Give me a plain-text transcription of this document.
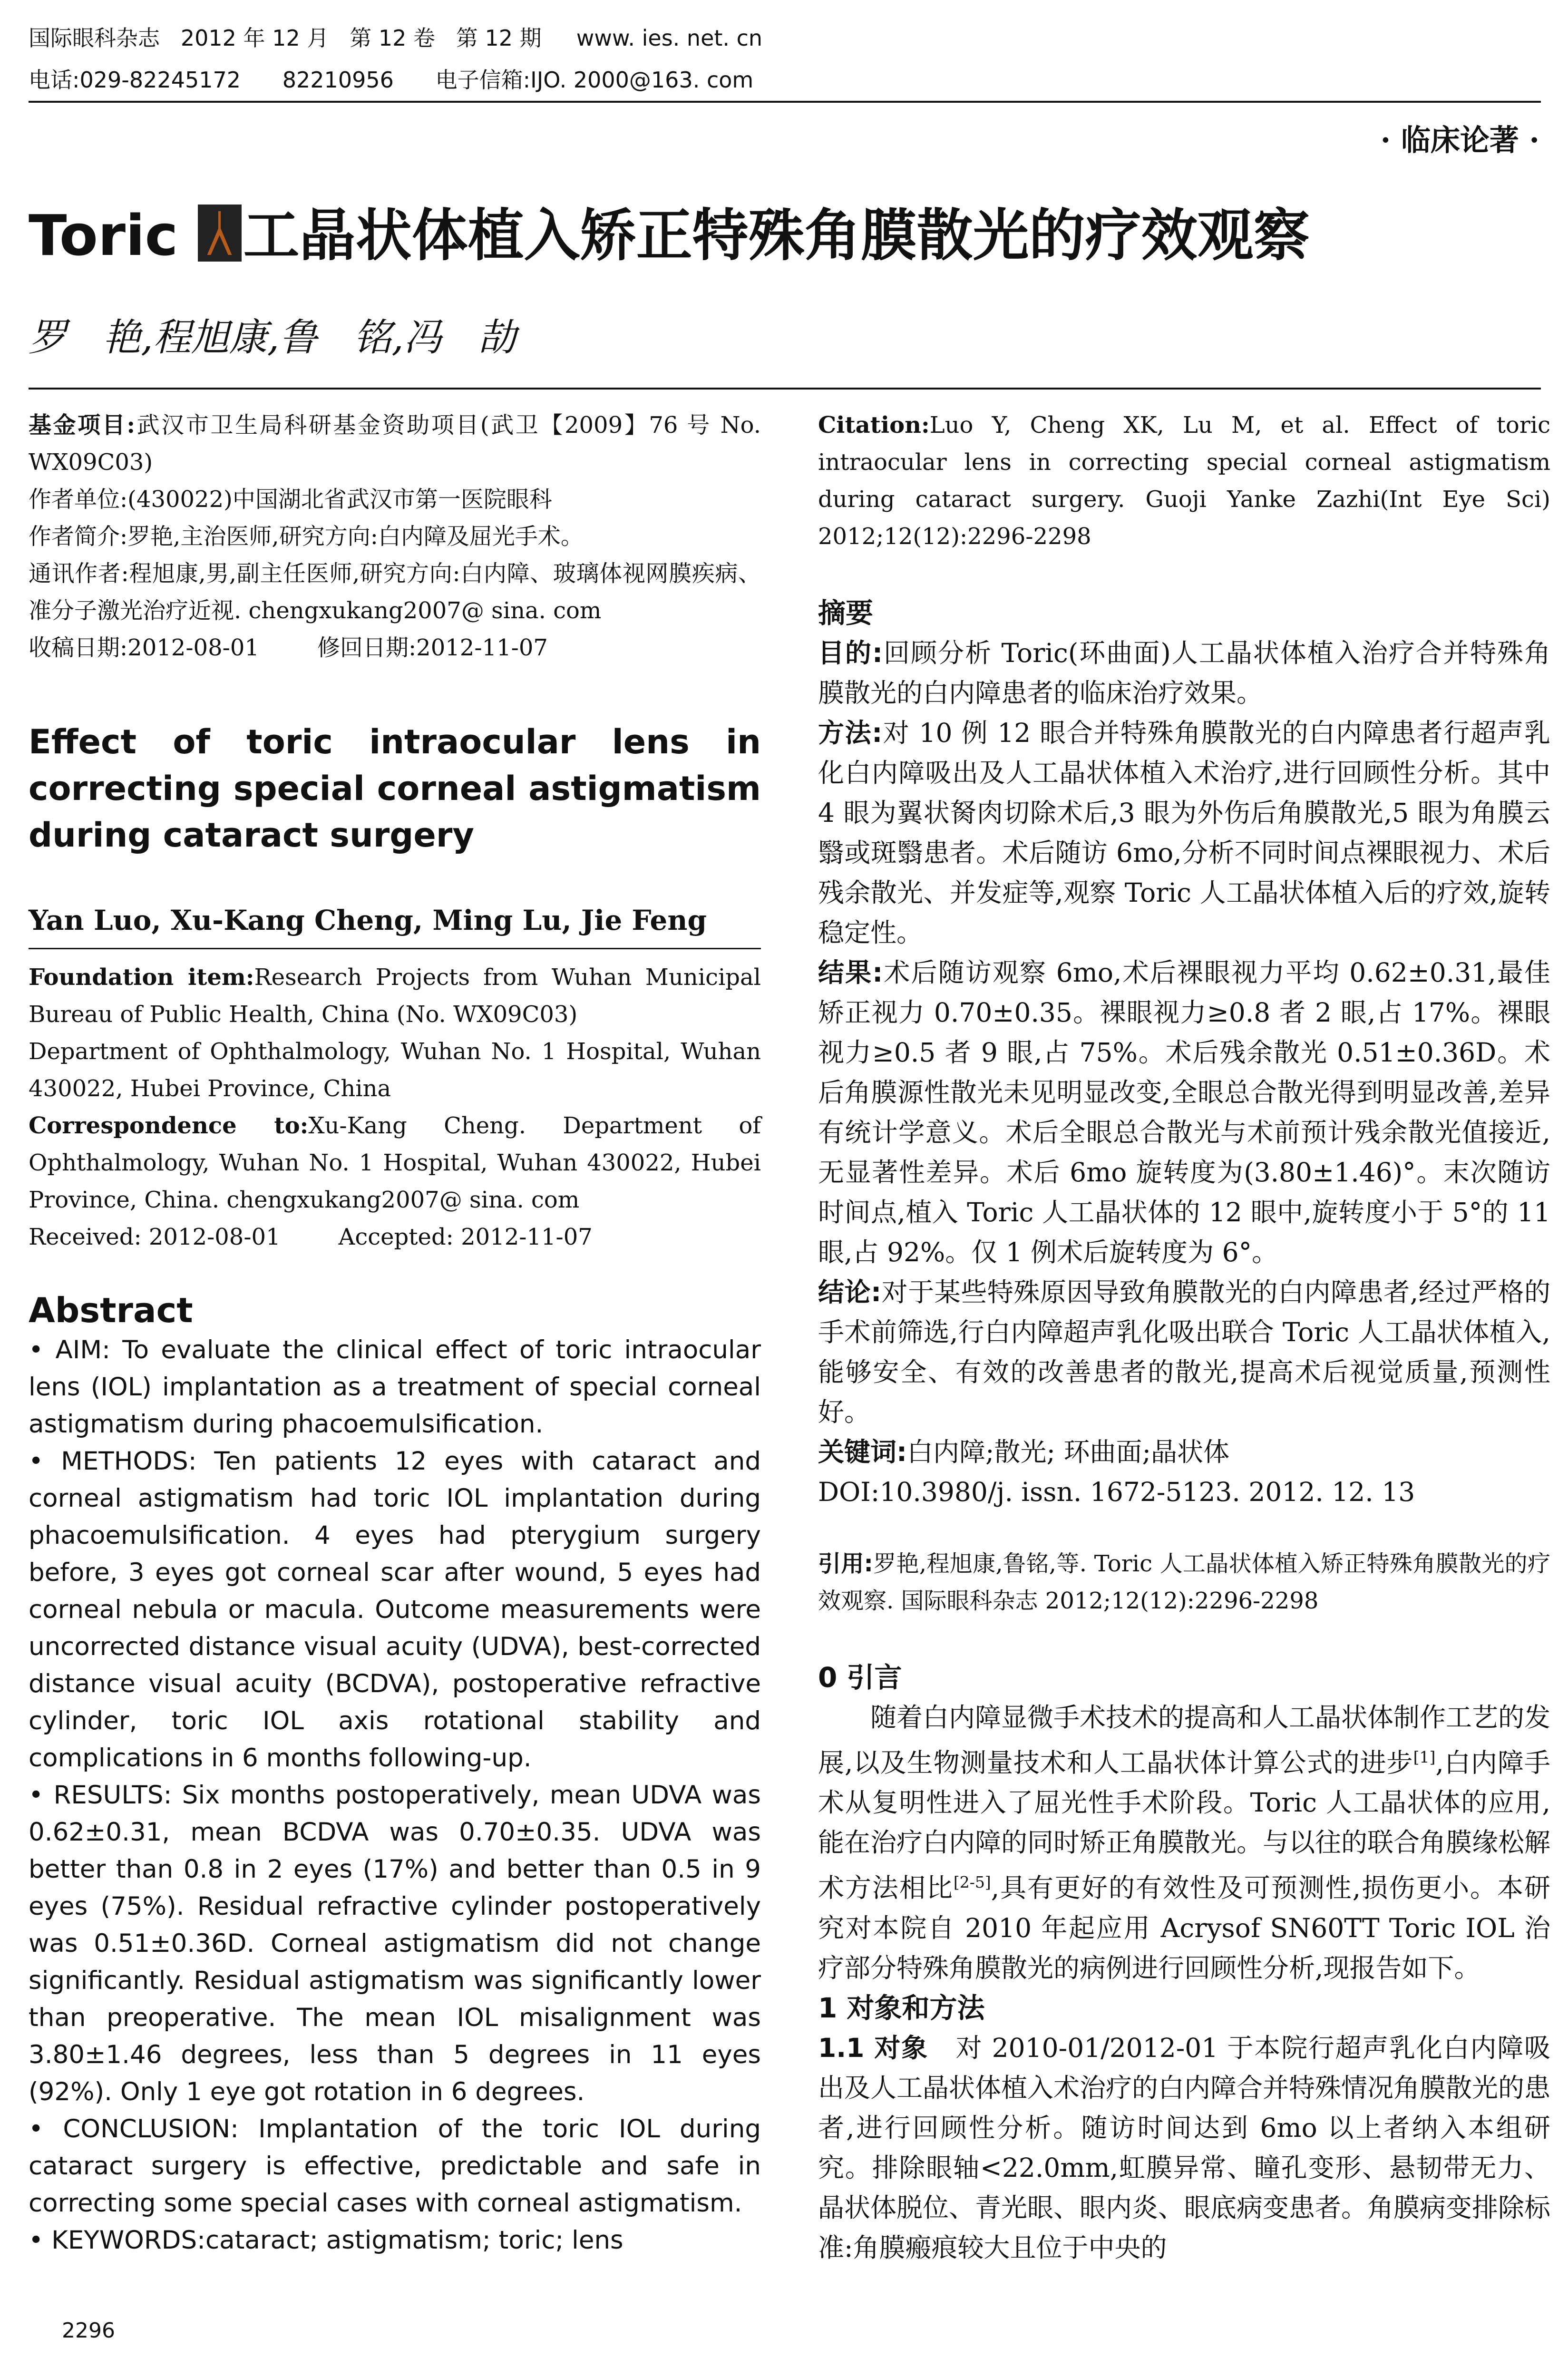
国际眼科杂志   2012 年 12 月   第 12 卷   第 12 期     www. ies. net. cn
电话:029-82245172      82210956      电子信箱:IJO. 2000@163. com
· 临床论著 ·
Toric
工晶状体植入矫正特殊角膜散光的疗效观察
罗   艳,程旭康,鲁   铭,冯   劼

基金项目:武汉市卫生局科研基金资助项目(武卫【2009】76 号 No. WX09C03)

作者单位:(430022)中国湖北省武汉市第一医院眼科

作者简介:罗艳,主治医师,研究方向:白内障及屈光手术。

通讯作者:程旭康,男,副主任医师,研究方向:白内障、玻璃体视网膜疾病、准分子激光治疗近视. chengxukang2007@ sina. com

收稿日期:2012-08-01        修回日期:2012-11-07

Effect of toric intraocular lens in correcting special corneal astigmatism during cataract surgery

Yan Luo, Xu-Kang Cheng, Ming Lu, Jie Feng

Foundation item:Research Projects from Wuhan Municipal Bureau of Public Health, China (No. WX09C03)

Department of Ophthalmology, Wuhan No. 1 Hospital, Wuhan 430022, Hubei Province, China

Correspondence to:Xu-Kang Cheng. Department of Ophthalmology, Wuhan No. 1 Hospital, Wuhan 430022, Hubei Province, China. chengxukang2007@ sina. com

Received: 2012-08-01        Accepted: 2012-11-07

Abstract

• AIM: To evaluate the clinical effect of toric intraocular lens (IOL) implantation as a treatment of special corneal astigmatism during phacoemulsification.

• METHODS: Ten patients 12 eyes with cataract and corneal astigmatism had toric IOL implantation during phacoemulsification. 4 eyes had pterygium surgery before, 3 eyes got corneal scar after wound, 5 eyes had corneal nebula or macula. Outcome measurements were uncorrected distance visual acuity (UDVA), best-corrected distance visual acuity (BCDVA), postoperative refractive cylinder, toric IOL axis rotational stability and complications in 6 months following-up.

• RESULTS: Six months postoperatively, mean UDVA was 0.62±0.31, mean BCDVA was 0.70±0.35. UDVA was better than 0.8 in 2 eyes (17%) and better than 0.5 in 9 eyes (75%). Residual refractive cylinder postoperatively was 0.51±0.36D. Corneal astigmatism did not change significantly. Residual astigmatism was significantly lower than preoperative. The mean IOL misalignment was 3.80±1.46 degrees, less than 5 degrees in 11 eyes (92%). Only 1 eye got rotation in 6 degrees.

• CONCLUSION: Implantation of the toric IOL during cataract surgery is effective, predictable and safe in correcting some special cases with corneal astigmatism.

• KEYWORDS:cataract; astigmatism; toric; lens

Citation:Luo Y, Cheng XK, Lu M, et al. Effect of toric intraocular lens in correcting special corneal astigmatism during cataract surgery. Guoji Yanke Zazhi(Int Eye Sci) 2012;12(12):2296-2298

摘要

目的:回顾分析 Toric(环曲面)人工晶状体植入治疗合并特殊角膜散光的白内障患者的临床治疗效果。

方法:对 10 例 12 眼合并特殊角膜散光的白内障患者行超声乳化白内障吸出及人工晶状体植入术治疗,进行回顾性分析。其中 4 眼为翼状胬肉切除术后,3 眼为外伤后角膜散光,5 眼为角膜云翳或斑翳患者。术后随访 6mo,分析不同时间点裸眼视力、术后残余散光、并发症等,观察 Toric 人工晶状体植入后的疗效,旋转稳定性。

结果:术后随访观察 6mo,术后裸眼视力平均 0.62±0.31,最佳矫正视力 0.70±0.35。裸眼视力≥0.8 者 2 眼,占 17%。裸眼视力≥0.5 者 9 眼,占 75%。术后残余散光 0.51±0.36D。术后角膜源性散光未见明显改变,全眼总合散光得到明显改善,差异有统计学意义。术后全眼总合散光与术前预计残余散光值接近,无显著性差异。术后 6mo 旋转度为(3.80±1.46)°。末次随访时间点,植入 Toric 人工晶状体的 12 眼中,旋转度小于 5°的 11 眼,占 92%。仅 1 例术后旋转度为 6°。

结论:对于某些特殊原因导致角膜散光的白内障患者,经过严格的手术前筛选,行白内障超声乳化吸出联合 Toric 人工晶状体植入,能够安全、有效的改善患者的散光,提高术后视觉质量,预测性好。

关键词:白内障;散光; 环曲面;晶状体

DOI:10.3980/j. issn. 1672-5123. 2012. 12. 13

引用:罗艳,程旭康,鲁铭,等. Toric 人工晶状体植入矫正特殊角膜散光的疗效观察. 国际眼科杂志 2012;12(12):2296-2298

0 引言

随着白内障显微手术技术的提高和人工晶状体制作工艺的发展,以及生物测量技术和人工晶状体计算公式的进步[1],白内障手术从复明性进入了屈光性手术阶段。Toric 人工晶状体的应用,能在治疗白内障的同时矫正角膜散光。与以往的联合角膜缘松解术方法相比[2-5],具有更好的有效性及可预测性,损伤更小。本研究对本院自 2010 年起应用 Acrysof SN60TT Toric IOL 治疗部分特殊角膜散光的病例进行回顾性分析,现报告如下。

1 对象和方法

1.1 对象 对 2010-01/2012-01 于本院行超声乳化白内障吸出及人工晶状体植入术治疗的白内障合并特殊情况角膜散光的患者,进行回顾性分析。随访时间达到 6mo 以上者纳入本组研究。排除眼轴<22.0mm,虹膜异常、瞳孔变形、悬韧带无力、晶状体脱位、青光眼、眼内炎、眼底病变患者。角膜病变排除标准:角膜瘢痕较大且位于中央的

2296
